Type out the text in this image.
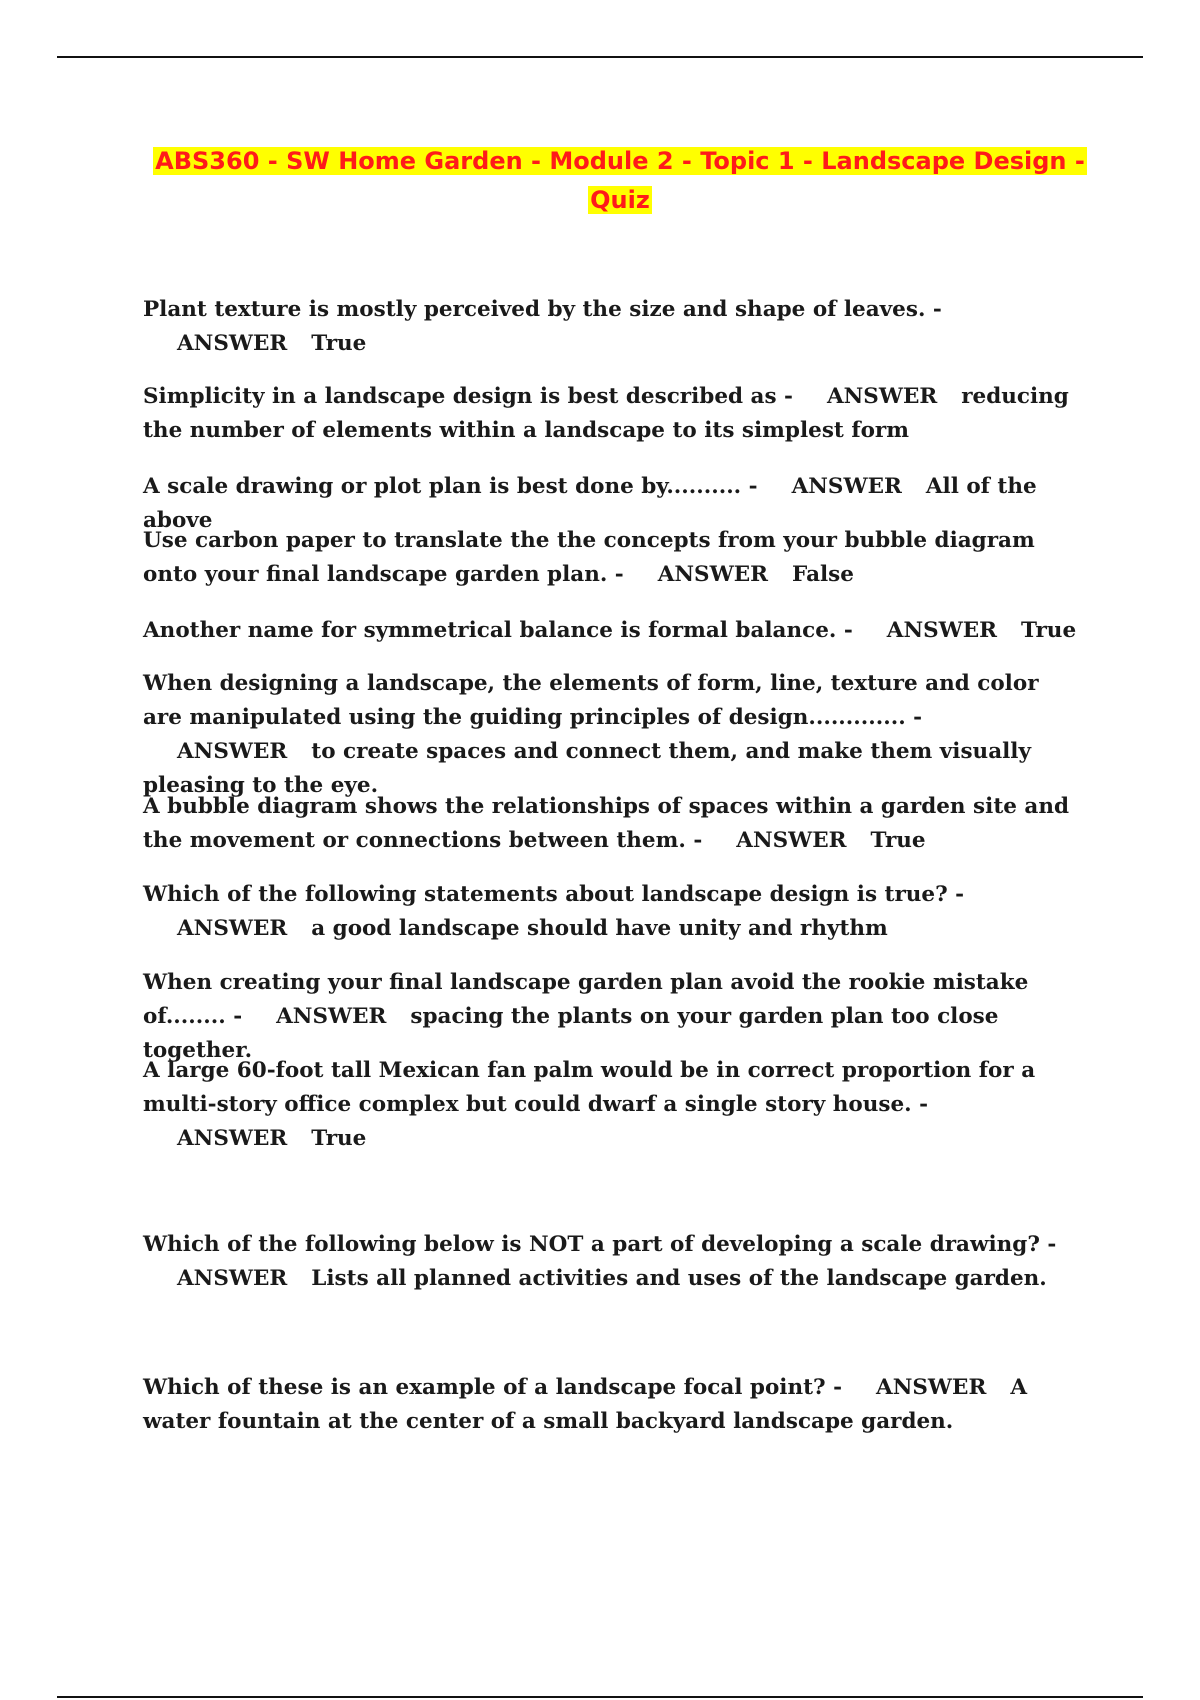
ABS360 - SW Home Garden - Module 2 - Topic 1 - Landscape Design - Quiz

Plant texture is mostly perceived by the size and shape of leaves. -ANSWER True

Simplicity in a landscape design is best described as - ANSWER reducing the number of elements within a landscape to its simplest form

A scale drawing or plot plan is best done by.......... - ANSWER All of the above

Use carbon paper to translate the the concepts from your bubble diagram onto your final landscape garden plan. - ANSWER False

Another name for symmetrical balance is formal balance. - ANSWER True

When designing a landscape, the elements of form, line, texture and color are manipulated using the guiding principles of design............. -ANSWER to create spaces and connect them, and make them visually pleasing to the eye.

A bubble diagram shows the relationships of spaces within a garden site and the movement or connections between them. - ANSWER True

Which of the following statements about landscape design is true? -ANSWER a good landscape should have unity and rhythm

When creating your final landscape garden plan avoid the rookie mistake of........ - ANSWER spacing the plants on your garden plan too close together.

A large 60-foot tall Mexican fan palm would be in correct proportion for a multi-story office complex but could dwarf a single story house. -ANSWER True

Which of the following below is NOT a part of developing a scale drawing? -ANSWER Lists all planned activities and uses of the landscape garden.

Which of these is an example of a landscape focal point? - ANSWER A water fountain at the center of a small backyard landscape garden.
